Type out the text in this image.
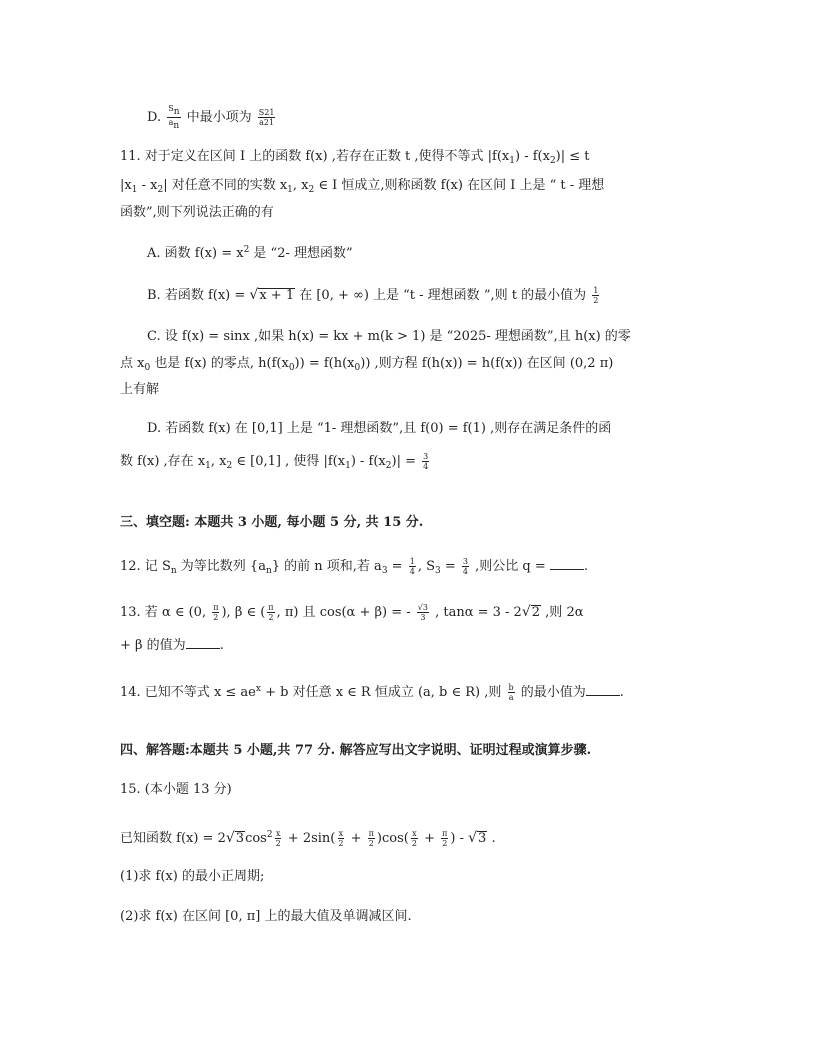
D. $\frac{S_n}{a_n}$ 中最小项为 $\frac{S21}{a21}$
11. 对于定义在区间 I 上的函数 f(x) ,若存在正数 t ,使得不等式 $|f(x_1) - f(x_2)| \le t$
$|x_1 - x_2|$ 对任意不同的实数 $x_1$, $x_2$ ∈ I 恒成立,则称函数 f(x) 在区间 I 上是 “ t - 理想
函数”,则下列说法正确的有
A. 函数 $f(x) = x^2$ 是 “2- 理想函数”
B. 若函数 f(x) = √x + 1 在 [0, + ∞) 上是 “t - 理想函数 ”,则 t 的最小值为 $\frac{1}{2}$
C. 设 f(x) = sinx ,如果 h(x) = kx + m(k > 1) 是 “2025- 理想函数”,且 h(x) 的零
点 $x_0$ 也是 f(x) 的零点, $h(f(x_0)) = f(h(x_0))$ ,则方程 f(h(x)) = h(f(x)) 在区间 (0,2 π)
上有解
D. 若函数 f(x) 在 [0,1] 上是 “1- 理想函数”,且 f(0) = f(1) ,则存在满足条件的函
数 f(x) ,存在 $x_1$, $x_2$ ∈ [0,1] , 使得 $|f(x_1) - f(x_2)| = \frac{3}{4}$
三、填空题: 本题共 3 小题, 每小题 5 分, 共 15 分.
12. 记 $S_n$ 为等比数列 $\{a_n\}$ 的前 n 项和,若 $a_3 = \frac{1}{4}$ , $S_3 = \frac{3}{4}$ ,则公比 q =	.
13. 若 α ∈ (0, $\frac{\pi}{2}$ ), β ∈ ( $\frac{\pi}{2}$ , π) 且 cos(α + β) = - $\frac{√3}{3}$ , tanα = 3 - 2√2 ,则 2α
+ β 的值为	.
14. 已知不等式 $x \le ae^x + b$ 对任意 x ∈ R 恒成立 (a, b ∈ R) ,则 $\frac{b}{a}$ 的最小值为	.
四、解答题:本题共 5 小题,共 77 分. 解答应写出文字说明、证明过程或演算步骤.
15. (本小题 13 分)
已知函数 $f(x) = 2√3\cos^2 \frac{x}{2} + 2\sin( \frac{x}{2} + \frac{\pi}{2} )\cos( \frac{x}{2} + \frac{\pi}{2}$ ) - √3 .
(1)求 f(x) 的最小正周期;
(2)求 f(x) 在区间 [0, π] 上的最大值及单调减区间.
